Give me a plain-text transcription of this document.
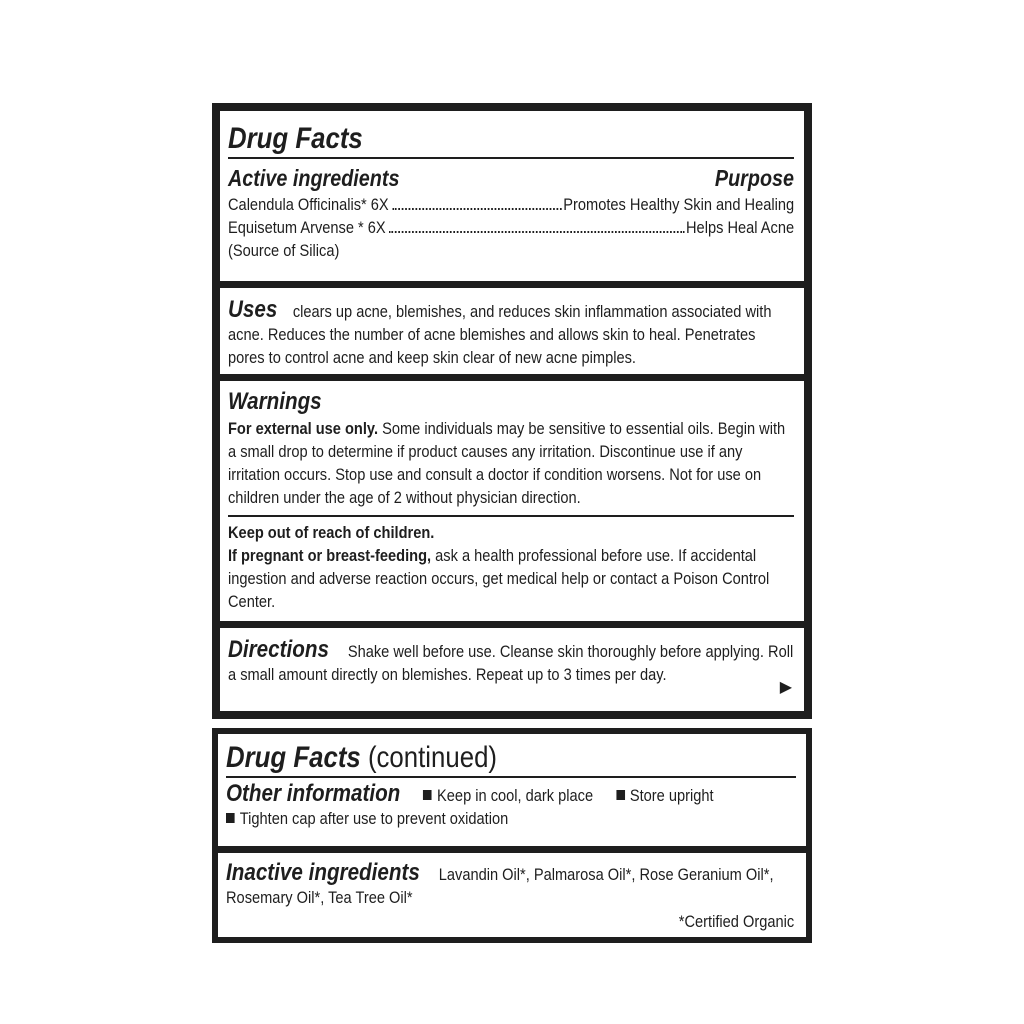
Drug Facts
Active ingredients	Purpose
Calendula Officinalis* 6X	Promotes Healthy Skin and Healing
Equisetum Arvense * 6X	Helps Heal Acne
(Source of Silica)
Uses clears up acne, blemishes, and reduces skin inflammation associated with acne. Reduces the number of acne blemishes and allows skin to heal. Penetrates pores to control acne and keep skin clear of new acne pimples.
Warnings
For external use only. Some individuals may be sensitive to essential oils. Begin with a small drop to determine if product causes any irritation. Discontinue use if any irritation occurs. Stop use and consult a doctor if condition worsens. Not for use on children under the age of 2 without physician direction.
Keep out of reach of children.
If pregnant or breast-feeding, ask a health professional before use. If accidental ingestion and adverse reaction occurs, get medical help or contact a Poison Control Center.
Directions Shake well before use. Cleanse skin thoroughly before applying. Roll a small amount directly on blemishes. Repeat up to 3 times per day.
▶
Drug Facts (continued)
Other information Keep in cool, dark place Store upright
Tighten cap after use to prevent oxidation
Inactive ingredients Lavandin Oil*, Palmarosa Oil*, Rose Geranium Oil*, Rosemary Oil*, Tea Tree Oil*
*Certified Organic
